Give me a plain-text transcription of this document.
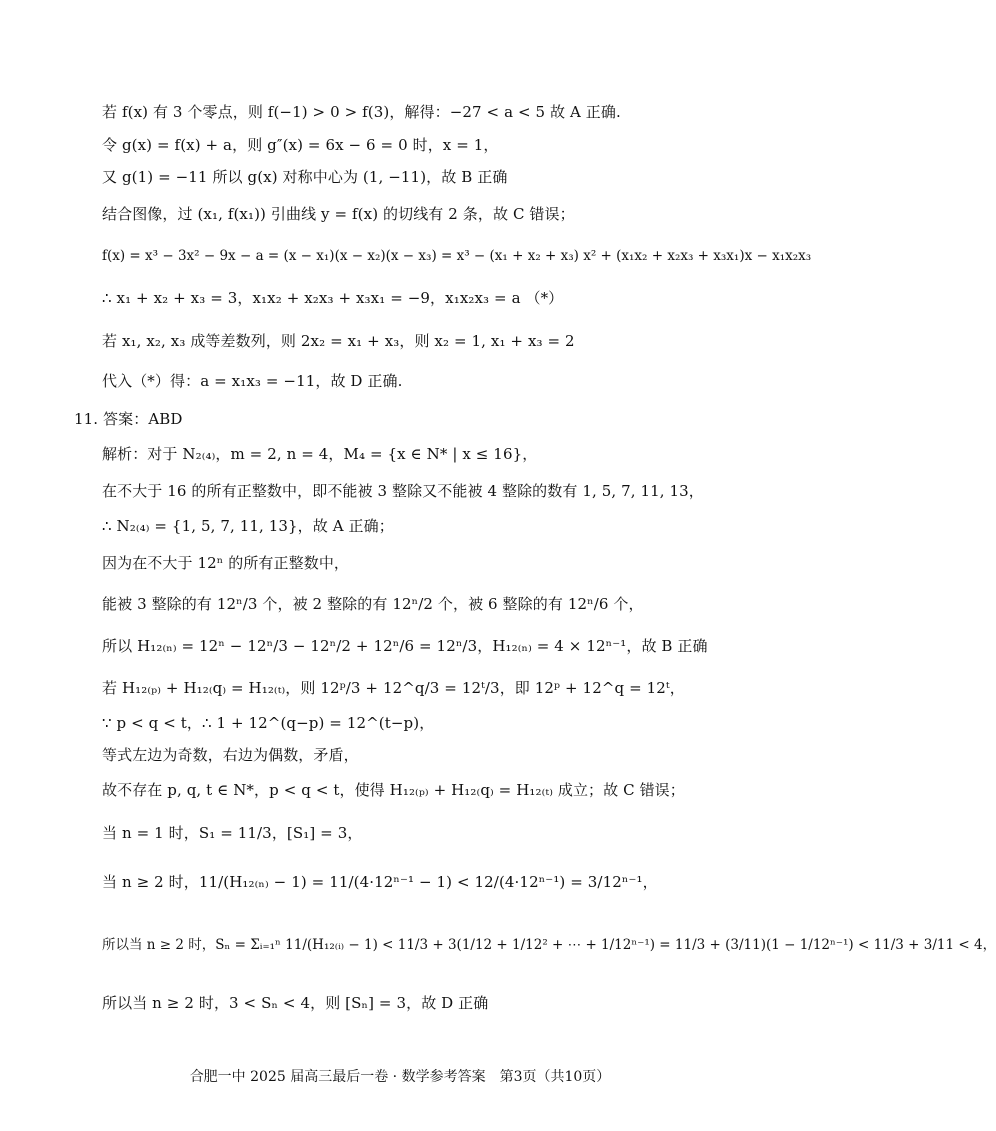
若 f(x) 有 3 个零点，则 f(−1) > 0 > f(3)，解得：−27 < a < 5 故 A 正确.
令 g(x) = f(x) + a，则 g″(x) = 6x − 6 = 0 时，x = 1，
又 g(1) = −11 所以 g(x) 对称中心为 (1, −11)，故 B 正确
结合图像，过 (x₁, f(x₁)) 引曲线 y = f(x) 的切线有 2 条，故 C 错误；
f(x) = x³ − 3x² − 9x − a = (x − x₁)(x − x₂)(x − x₃) = x³ − (x₁ + x₂ + x₃) x² + (x₁x₂ + x₂x₃ + x₃x₁)x − x₁x₂x₃
∴ x₁ + x₂ + x₃ = 3，x₁x₂ + x₂x₃ + x₃x₁ = −9，x₁x₂x₃ = a （*）
若 x₁, x₂, x₃ 成等差数列，则 2x₂ = x₁ + x₃，则 x₂ = 1, x₁ + x₃ = 2
代入（*）得：a = x₁x₃ = −11，故 D 正确.
11. 答案：ABD
解析：对于 N₂₍₄₎，m = 2, n = 4，M₄ = {x ∈ N* | x ≤ 16}，
在不大于 16 的所有正整数中，即不能被 3 整除又不能被 4 整除的数有 1, 5, 7, 11, 13，
∴ N₂₍₄₎ = {1, 5, 7, 11, 13}，故 A 正确；
因为在不大于 12ⁿ 的所有正整数中，
能被 3 整除的有 12ⁿ/3 个，被 2 整除的有 12ⁿ/2 个，被 6 整除的有 12ⁿ/6 个，
所以 H₁₂₍ₙ₎ = 12ⁿ − 12ⁿ/3 − 12ⁿ/2 + 12ⁿ/6 = 12ⁿ/3，H₁₂₍ₙ₎ = 4 × 12ⁿ⁻¹，故 B 正确
若 H₁₂₍ₚ₎ + H₁₂₍q₎ = H₁₂₍ₜ₎，则 12ᵖ/3 + 12^q/3 = 12ᵗ/3，即 12ᵖ + 12^q = 12ᵗ，
∵ p < q < t，∴ 1 + 12^(q−p) = 12^(t−p)，
等式左边为奇数，右边为偶数，矛盾，
故不存在 p, q, t ∈ N*，p < q < t，使得 H₁₂₍ₚ₎ + H₁₂₍q₎ = H₁₂₍ₜ₎ 成立；故 C 错误；
当 n = 1 时，S₁ = 11/3，[S₁] = 3，
当 n ≥ 2 时，11/(H₁₂₍ₙ₎ − 1) = 11/(4·12ⁿ⁻¹ − 1) < 12/(4·12ⁿ⁻¹) = 3/12ⁿ⁻¹，
所以当 n ≥ 2 时，Sₙ = Σᵢ₌₁ⁿ 11/(H₁₂₍ᵢ₎ − 1) < 11/3 + 3(1/12 + 1/12² + ⋯ + 1/12ⁿ⁻¹) = 11/3 + (3/11)(1 − 1/12ⁿ⁻¹) < 11/3 + 3/11 < 4，
所以当 n ≥ 2 时，3 < Sₙ < 4，则 [Sₙ] = 3，故 D 正确
合肥一中 2025 届高三最后一卷 · 数学参考答案　第3页（共10页）
